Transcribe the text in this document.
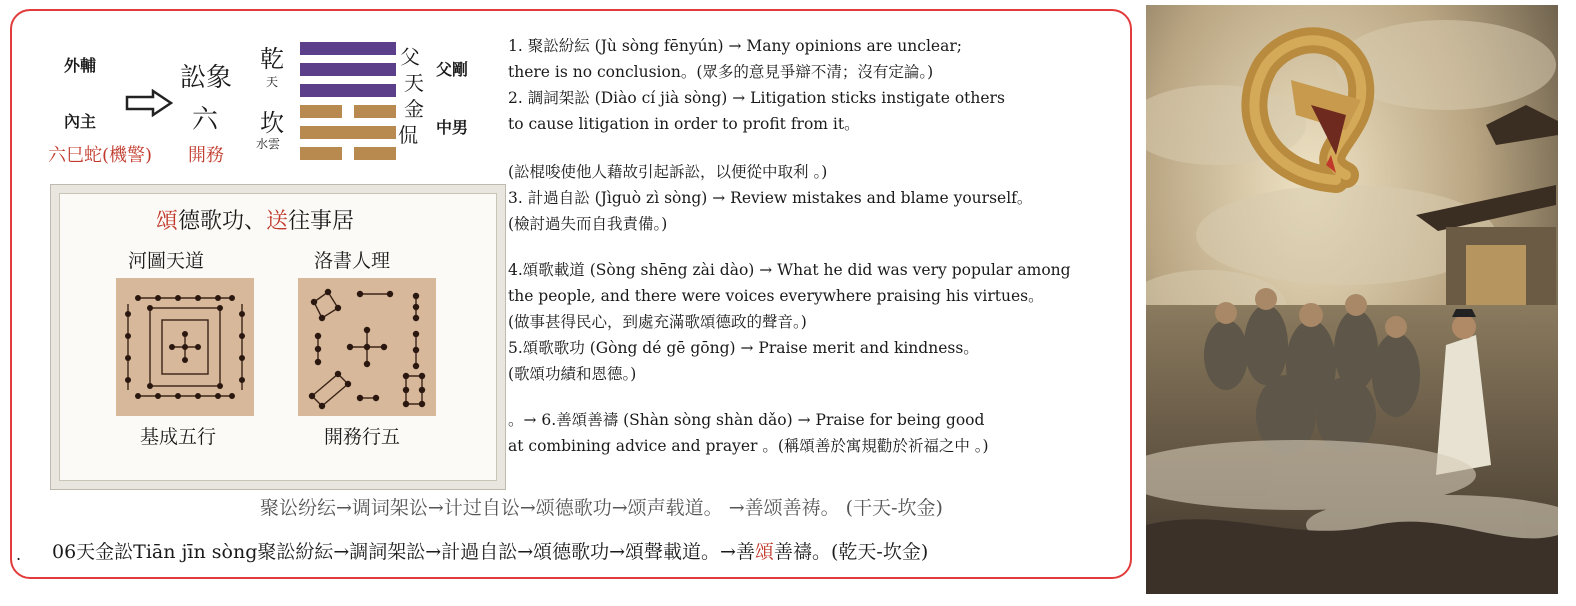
外輔
內主
訟象
六
乾
天
坎
水雲
父
天
金
侃
父剛
中男
六巳蛇(機警) 開務
頌德歌功、送往事居
河圖天道	洛書人理
基成五行	開務行五
1. 聚訟紛紜 (Jù sòng fēnyún) → Many opinions are unclear;
there is no conclusion。(眾多的意見爭辯不清；沒有定論。)
2. 調詞架訟 (Diào cí jià sòng) → Litigation sticks instigate others
to cause litigation in order to profit from it。
(訟棍唆使他人藉故引起訴訟，以便從中取利 。)
3. 計過自訟 (Jìguò zì sòng) → Review mistakes and blame yourself。
(檢討過失而自我責備。)
4.頌歌載道 (Sòng shēng zài dào) → What he did was very popular among
the people, and there were voices everywhere praising his virtues。
(做事甚得民心，到處充滿歌頌德政的聲音。)
5.頌歌歌功 (Gòng dé gē gōng) → Praise merit and kindness。
(歌頌功績和恩德。)
。→ 6.善頌善禱 (Shàn sòng shàn dǎo) → Praise for being good
at combining advice and prayer 。(稱頌善於寓規勸於祈福之中 。)
聚讼纷纭→调词架讼→计过自讼→颂德歌功→颂声载道。 →善颂善祷。 (干天-坎金)
06天金訟Tiān jīn sòng聚訟紛紜→調詞架訟→計過自訟→頌德歌功→頌聲載道。→善頌善禱。(乾天-坎金)
.
